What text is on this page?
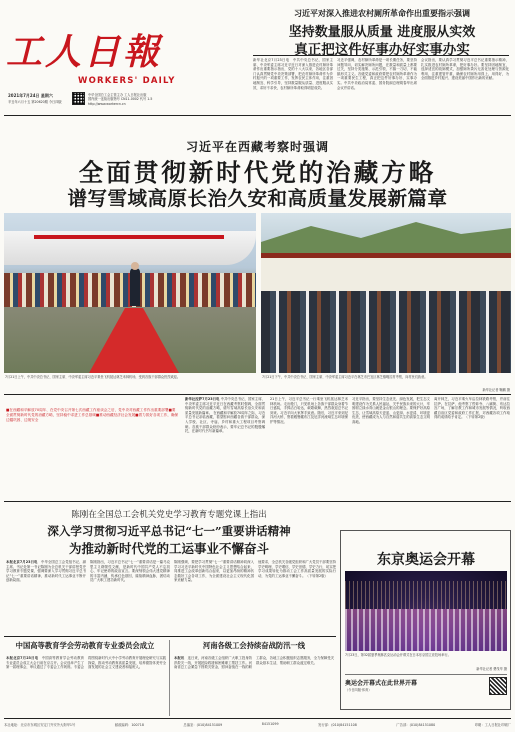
工人日報
WORKERS' DAILY
2021年7月24日 星期六
辛丑年六月十五 第20620期 今日四版
中华全国总工会主管主办 工人日报社出版
国内统一连续出版物号 CN11-0002 代号 1-5
http://www.workercn.cn
习近平对深入推进农村厕所革命作出重要指示强调
坚持数量服从质量 进度服从实效
真正把这件好事办好实事办实
新华社北京7月23日电　中共中央总书记、国家主席、中央军委主席习近平近日对深入推进农村厕所革命作出重要指示指出，党的十八大以来，各地区各部门认真贯彻党中央决策部署，把农村厕所革命作为乡村振兴的一项重要工作，发挥农民主体作用，注重因地制宜、科学引导，坚持数量服从质量、进度服从实效，求好不求快，农村厕所革命取得明显成效。
习近平强调，农村厕所革命是一项长期任务，要坚持问题导向，切实解决厕所问题，在数量和质量上都要过关，坚持分类施策、示范引领，不搞一刀切，不能搞形式主义。各级党委和政府要把农村厕所革命作为一项重要民生工程，真正把这件好事办好、实事办实。中共中央政治局常委、国务院副总理胡春华出席会议并讲话。
会议指出，要认真学习贯彻习近平总书记重要指示精神，扎实推进农村厕所革命，把好事办好。要坚持因地制宜，选择适宜的改厕模式，加强厕所粪污无害化处理与资源化利用，注重建管并重，确保农村厕所用得上、用得好，为全面推进乡村振兴、建设美丽中国作出新的贡献。
习近平在西藏考察时强调
全面贯彻新时代党的治藏方略
谱写雪域高原长治久安和高质量发展新篇章
7月21日上午，中共中央总书记、国家主席、中央军委主席习近平乘坐飞机抵达林芝米林机场，受到各族干部群众热烈欢迎。	7月21日下午，中共中央总书记、国家主席、中央军委主席习近平在林芝市巴宜区林芝镇嘎拉村考察，向村民们致意。
新华社记者 鞠鹏 摄
■在西藏和平解放70周年、在党中央召开第七次西藏工作座谈会之后，党中央对西藏工作作出重要部署■要全面贯彻新时代党的治藏方略，坚持稳中求进工作总基调■推动西藏经济社会发展■着力抓好各项工作，确保边疆巩固、边境安全
新华社拉萨7月23日电 中共中央总书记、国家主席、中央军委主席习近平近日在西藏考察时强调，全面贯彻新时代党的治藏方略，谱写雪域高原长治久安和高质量发展新篇章。 在西藏和平解放70周年之际，习近平总书记亲临西藏，看望慰问西藏各族干部群众，深入学校、社区、寺庙、乡村和重大工程项目考察调研。各族干部群众纷纷表示，要牢记总书记的殷殷嘱托，在新时代书写新篇章。
21日上午，习近平总书记一行乘坐飞机抵达林芝米林机场。走出舱门，只见机场上各族干部群众身着节日盛装，手捧洁白哈达，载歌载舞，热烈欢迎总书记到来。习近平向大家挥手致意。随后，习近平来到尼洋河大桥，察看雅鲁藏布江及尼洋河流域生态环境保护等情况。
习近平指出，要坚持生态优先、绿色发展，把生态文明建设作为关系人民福祉、关乎民族未来的大计，牢固树立绿水青山就是金山银山的理念。要保护好高原生态，让雪域高原天更蓝、山更绿、水更清、环境更优美，使西藏成为人与自然和谐共生的高原生态文明高地。
离开林芝，习近平乘火车沿拉林铁路考察，并前往拉萨。在拉萨，他考察了哲蚌寺、八廓街、布达拉宫广场，了解宗教工作和城市发展等情况，听取西藏自治区党委和政府工作汇报，对西藏各项工作取得的成绩给予肯定。（下转第2版）
陈刚在全国总工会机关党史学习教育专题党课上指出
深入学习贯彻习近平总书记“七一”重要讲话精神
为推动新时代党的工运事业不懈奋斗
本报北京7月23日电　中华全国总工会党组书记、副主席、书记处第一书记陈刚为全总机关干部讲授党史学习教育专题党课，强调要深入学习贯彻习近平总书记“七一”重要讲话精神，推动新时代工运事业不断开创新局面。
陈刚指出，习近平总书记“七一”重要讲话是一篇马克思主义纲领性文献，是新时代中国共产党人不忘初心、牢记使命的政治宣言。要深刻领会伟大建党精神的丰富内涵，传承红色基因，赓续精神血脉，团结动员广大职工建功新时代。
陈刚强调，要把学习贯彻“七一”重要讲话精神同深入学习习近平新时代中国特色社会主义思想结合起来，同推进工会改革创新结合起来，以更加昂扬的精神状态做好工会各项工作，为全面建设社会主义现代化国家贡献力量。
他要求，全总机关各级党组织和广大党员干部要坚持学史明理、学史增信、学史崇德、学史力行，切实把学习成果转化为推动工会工作高质量发展的实际行动，为党的工运事业不懈奋斗。（下转第2版）
东京奥运会开幕
7月23日，第32届夏季奥林匹克运动会开幕式在日本东京国立竞技场举行。
新华社记者 费茂华 摄
奥运会开幕式在此世界开幕
（今日四版·体育）
中国高等教育学会劳动教育专业委员会成立
本报北京7月23日电　中国高等教育学会劳动教育专业委员会成立大会日前在京召开。会议选举产生了第一届理事会，审议通过了专委会工作规则。专委会将围绕新时代大中小学劳动教育开展理论研究与实践探索，推动劳动教育高质量发展，培养德智体美劳全面发展的社会主义建设者和接班人。
河南各级工会持续奋战防汛一线
本报讯　连日来，河南各级工会组织广大职工投身防汛救灾一线，开展抢险救援和困难职工帮扶工作。河南省总工会紧急下拨救灾资金，慰问奋战在一线的职工群众，各地工会积极组织志愿服务，全力保障受灾群众基本生活，帮助职工群众渡过难关。
本社地址：北京市东城区安定门外安外大街甲1号	邮政编码：100718	总编室：(010)84151009	84151099	发行部：(010)84151108	广告部：(010)84151080	印刷：工人日报社印刷厂
